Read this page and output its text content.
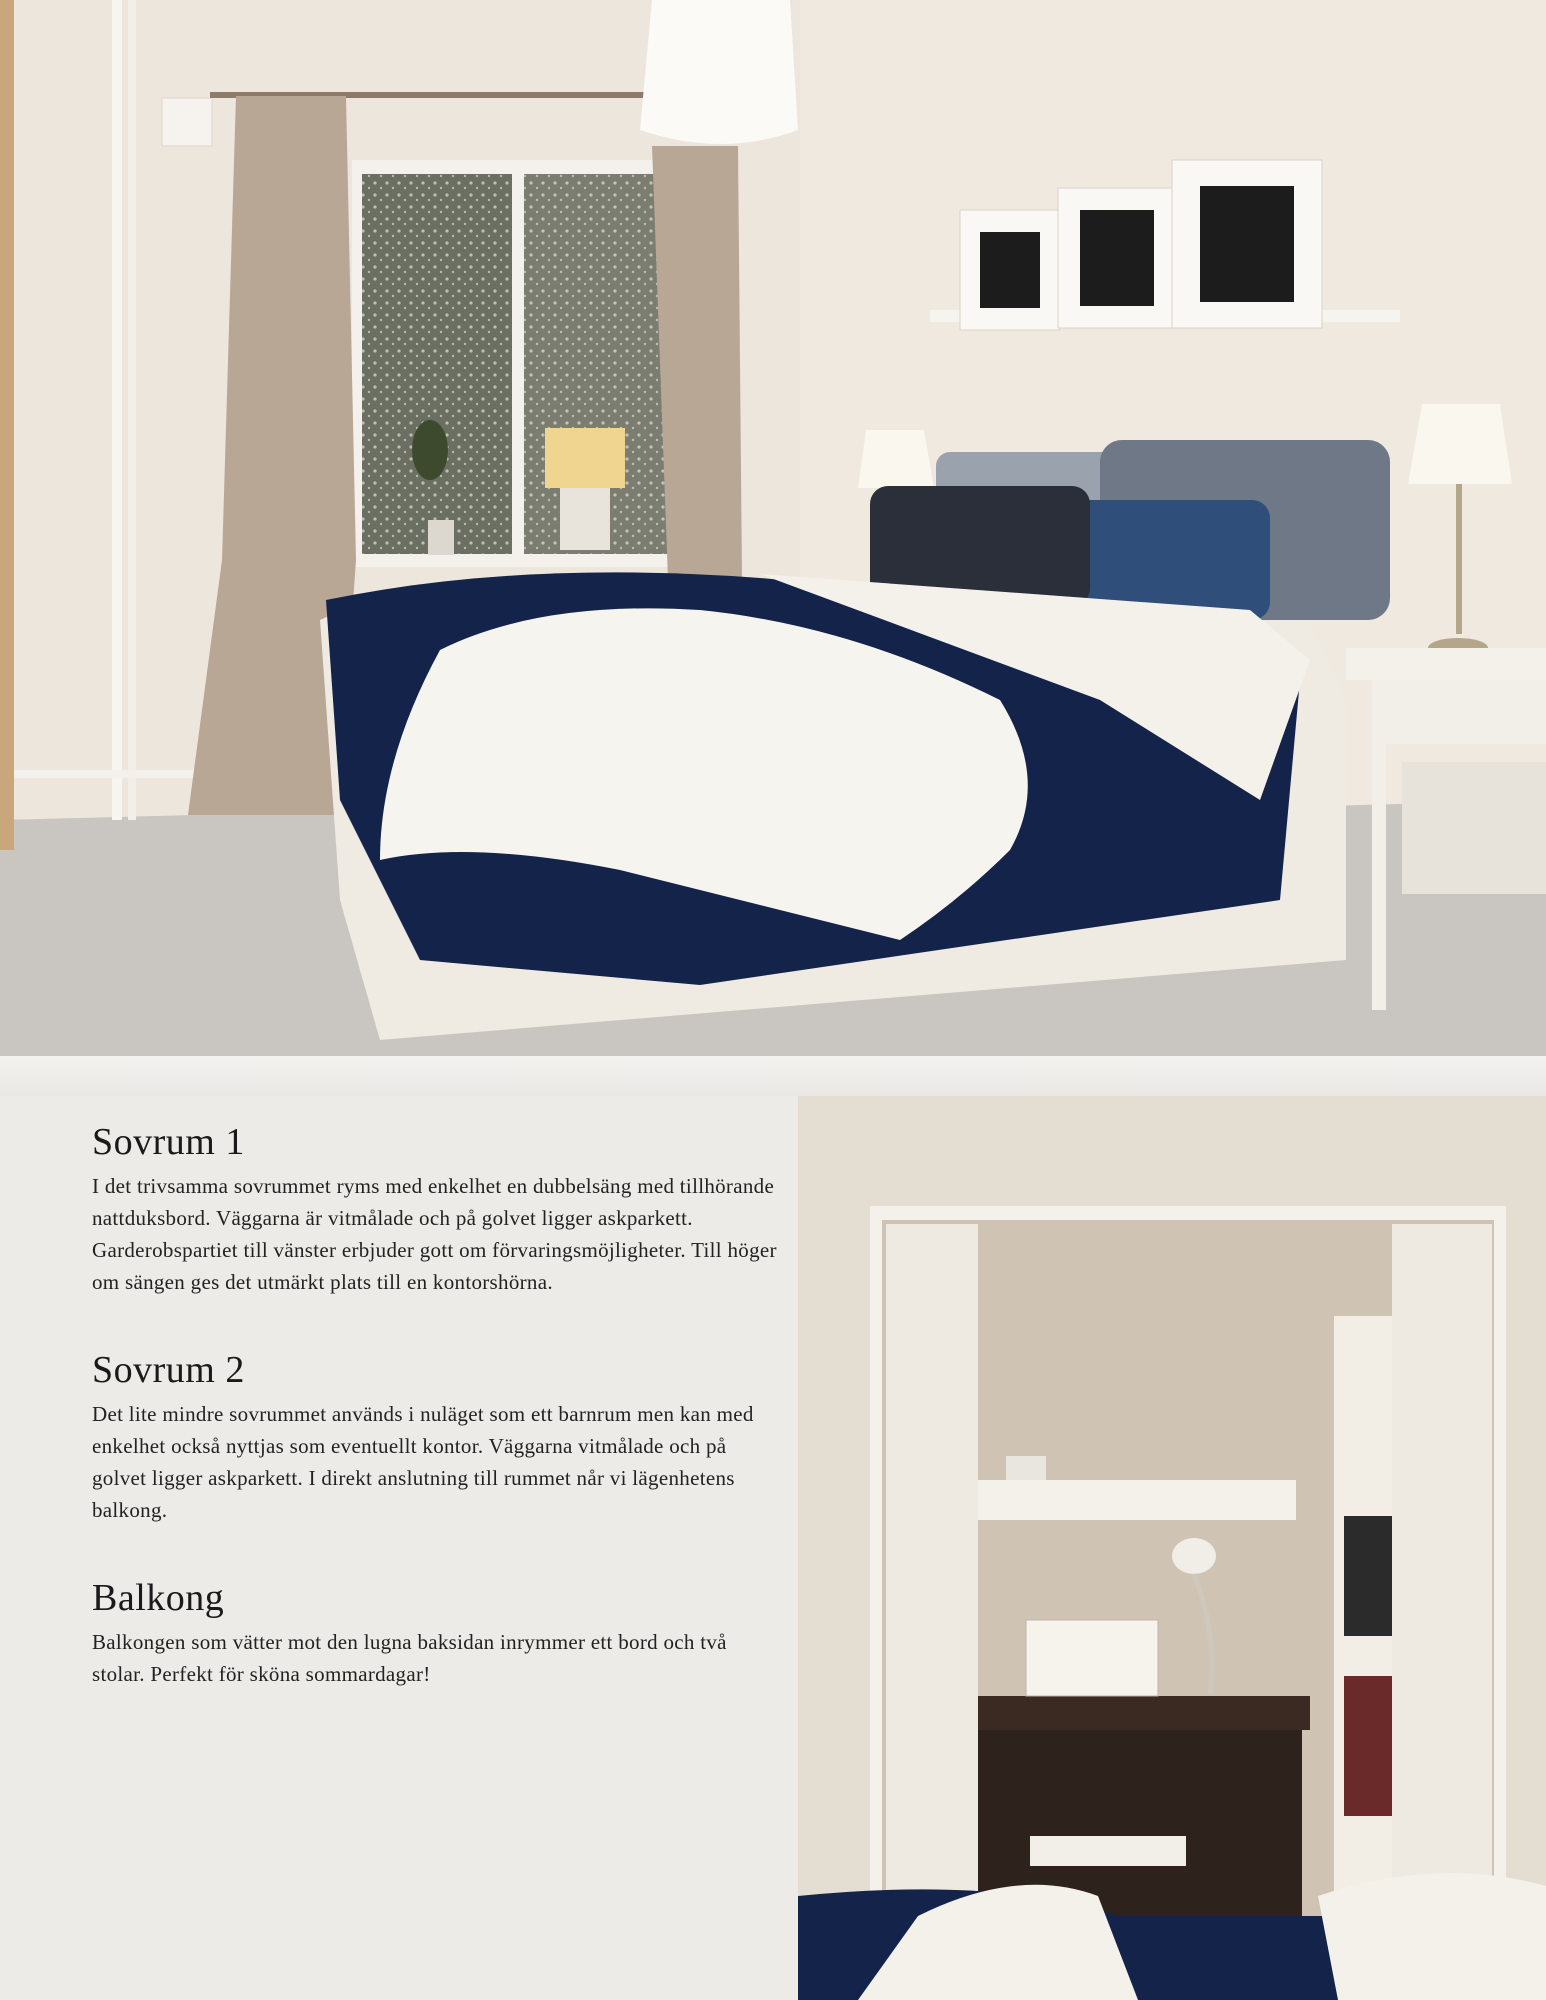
Sovrum 1

I det trivsamma sovrummet ryms med enkelhet en dubbelsäng med tillhörande nattduksbord. Väggarna är vitmålade och på golvet ligger askparkett. Garderobspartiet till vänster erbjuder gott om förvaringsmöjligheter. Till höger om sängen ges det utmärkt plats till en kontorshörna.

Sovrum 2

Det lite mindre sovrummet används i nuläget som ett barnrum men kan med enkelhet också nyttjas som eventuellt kontor. Väggarna vitmålade och på golvet ligger askparkett. I direkt anslutning till rummet når vi lägenhetens balkong.

Balkong

Balkongen som vätter mot den lugna baksidan inrymmer ett bord och två stolar. Perfekt för sköna sommardagar!
